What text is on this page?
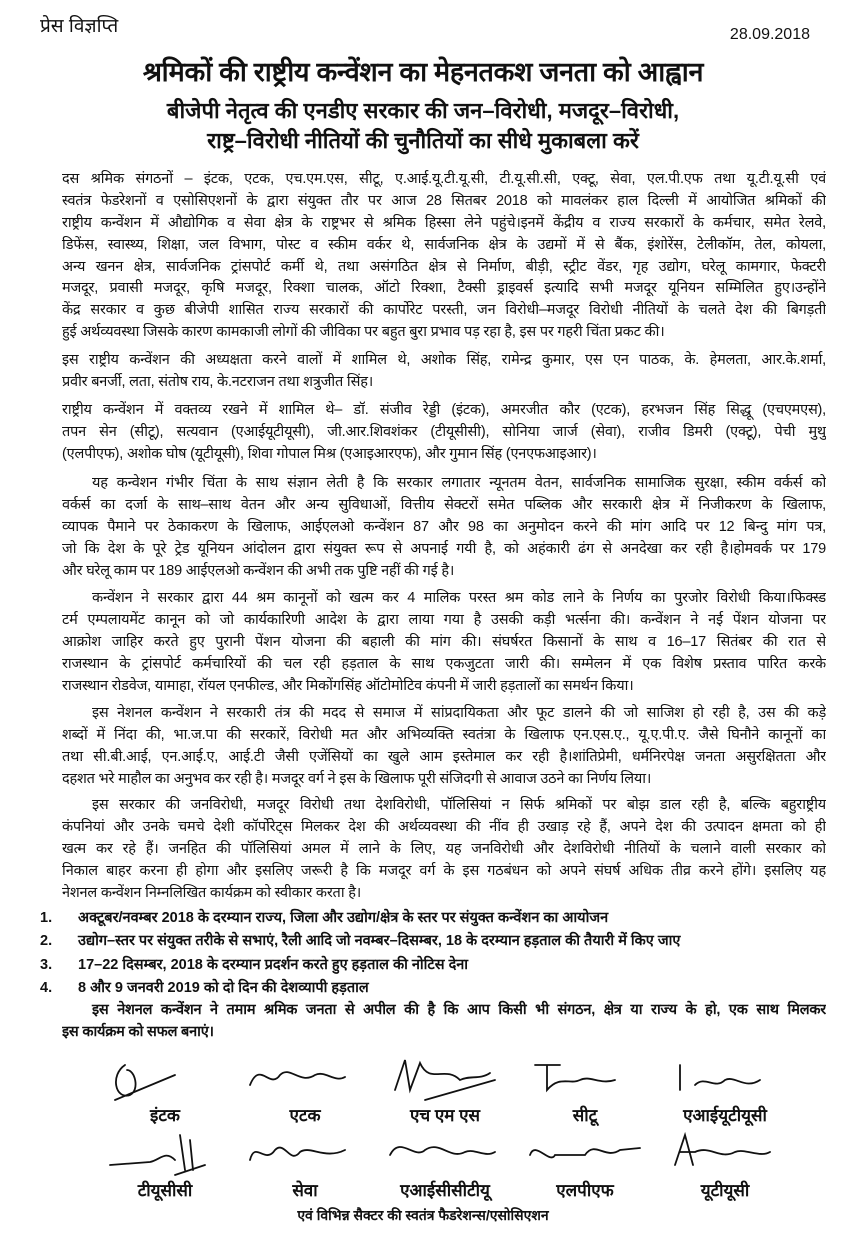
प्रेस विज्ञप्ति	28.09.2018
श्रमिकों की राष्ट्रीय कन्वेंशन का मेहनतकश जनता को आह्वान
बीजेपी नेतृत्व की एनडीए सरकार की जन–विरोधी, मजदूर–विरोधी,
राष्ट्र–विरोधी नीतियों की चुनौतियों का सीधे मुकाबला करें
दस श्रमिक संगठनों – इंटक, एटक, एच.एम.एस, सीटू, ए.आई.यू.टी.यू.सी, टी.यू.सी.सी, एक्टू, सेवा, एल.पी.एफ तथा यू.टी.यू.सी एवं
स्वतंत्र फेडरेशनों व एसोसिएशनों के द्वारा संयुक्त तौर पर आज 28 सितबर 2018 को मावलंकर हाल दिल्ली में आयोजित श्रमिकों की
राष्ट्रीय कन्वेंशन में औद्योगिक व सेवा क्षेत्र के राष्ट्रभर से श्रमिक हिस्सा लेने पहुंचे।इनमें केंद्रीय व राज्य सरकारों के कर्मचार, समेत रेलवे,
डिफेंस, स्वास्थ्य, शिक्षा, जल विभाग, पोस्ट व स्कीम वर्कर थे, सार्वजनिक क्षेत्र के उद्यमों में से बैंक, इंशोरेंस, टेलीकॉम, तेल, कोयला,
अन्य खनन क्षेत्र, सार्वजनिक ट्रांसपोर्ट कर्मी थे, तथा असंगठित क्षेत्र से निर्माण, बीड़ी, स्ट्रीट वेंडर, गृह उद्योग, घरेलू कामगार, फेक्टरी
मजदूर, प्रवासी मजदूर, कृषि मजदूर, रिक्शा चालक, ऑटो रिक्शा, टैक्सी ड्राइवर्स इत्यादि सभी मजदूर यूनियन सम्मिलित हुए।उन्होंने
केंद्र सरकार व कुछ बीजेपी शासित राज्य सरकारों की कार्पोरेट परस्ती, जन विरोधी–मजदूर विरोधी नीतियों के चलते देश की बिगड़ती
हुई अर्थव्यवस्था जिसके कारण कामकाजी लोगों की जीविका पर बहुत बुरा प्रभाव पड़ रहा है, इस पर गहरी चिंता प्रकट की।
इस राष्ट्रीय कन्वेंशन की अध्यक्षता करने वालों में शामिल थे, अशोक सिंह, रामेन्द्र कुमार, एस एन पाठक, के. हेमलता, आर.के.शर्मा,
प्रवीर बनर्जी, लता, संतोष राय, के.नटराजन तथा शत्रुजीत सिंह।
राष्ट्रीय कन्वेंशन में वक्तव्य रखने में शामिल थे– डॉ. संजीव रेड्डी (इंटक), अमरजीत कौर (एटक), हरभजन सिंह सिद्धू (एचएमएस),
तपन सेन (सीटू), सत्यवान (एआईयूटीयूसी), जी.आर.शिवशंकर (टीयूसीसी), सोनिया जार्ज (सेवा), राजीव डिमरी (एक्टू), पेची मुथु
(एलपीएफ), अशोक घोष (यूटीयूसी), शिवा गोपाल मिश्र (एआइआरएफ), और गुमान सिंह (एनएफआइआर)।
यह कन्वेशन गंभीर चिंता के साथ संज्ञान लेती है कि सरकार लगातार न्यूनतम वेतन, सार्वजनिक सामाजिक सुरक्षा, स्कीम वर्कर्स को
वर्कर्स का दर्जा के साथ–साथ वेतन और अन्य सुविधाओं, वित्तीय सेक्टरों समेत पब्लिक और सरकारी क्षेत्र में निजीकरण के खिलाफ,
व्यापक पैमाने पर ठेकाकरण के खिलाफ, आईएलओ कन्वेंशन 87 और 98 का अनुमोदन करने की मांग आदि पर 12 बिन्दु मांग पत्र,
जो कि देश के पूरे ट्रेड यूनियन आंदोलन द्वारा संयुक्त रूप से अपनाई गयी है, को अहंकारी ढंग से अनदेखा कर रही है।होमवर्क पर 179
और घरेलू काम पर 189 आईएलओ कन्वेंशन की अभी तक पुष्टि नहीं की गई है।
कन्वेंशन ने सरकार द्वारा 44 श्रम कानूनों को खत्म कर 4 मालिक परस्त श्रम कोड लाने के निर्णय का पुरजोर विरोधी किया।फिक्स्ड
टर्म एम्पलायमेंट कानून को जो कार्यकारिणी आदेश के द्वारा लाया गया है उसकी कड़ी भर्त्सना की। कन्वेंशन ने नई पेंशन योजना पर
आक्रोश जाहिर करते हुए पुरानी पेंशन योजना की बहाली की मांग की। संघर्षरत किसानों के साथ व 16–17 सितंबर की रात से
राजस्थान के ट्रांसपोर्ट कर्मचारियों की चल रही हड़ताल के साथ एकजुटता जारी की। सम्मेलन में एक विशेष प्रस्ताव पारित करके
राजस्थान रोडवेज, यामाहा, रॉयल एनफील्ड, और मिकोंगसिंह ऑटोमोटिव कंपनी में जारी हड़तालों का समर्थन किया।
इस नेशनल कन्वेंशन ने सरकारी तंत्र की मदद से समाज में सांप्रदायिकता और फूट डालने की जो साजिश हो रही है, उस की कड़े
शब्दों में निंदा की, भा.ज.पा की सरकारें, विरोधी मत और अभिव्यक्ति स्वतंत्रा के खिलाफ एन.एस.ए., यू.ए.पी.ए. जैसे घिनौने कानूनों का
तथा सी.बी.आई, एन.आई.ए, आई.टी जैसी एजेंसियों का खुले आम इस्तेमाल कर रही है।शांतिप्रेमी, धर्मनिरपेक्ष जनता असुरक्षितता और
दहशत भरे माहौल का अनुभव कर रही है। मजदूर वर्ग ने इस के खिलाफ पूरी संजिदगी से आवाज उठने का निर्णय लिया।
इस सरकार की जनविरोधी, मजदूर विरोधी तथा देशविरोधी, पॉलिसियां न सिर्फ श्रमिकों पर बोझ डाल रही है, बल्कि बहुराष्ट्रीय
कंपनियां और उनके चमचे देशी कॉर्पोरेट्स मिलकर देश की अर्थव्यवस्था की नींव ही उखाड़ रहे हैं, अपने देश की उत्पादन क्षमता को ही
खत्म कर रहे हैं। जनहित की पॉलिसियां अमल में लाने के लिए, यह जनविरोधी और देशविरोधी नीतियों के चलाने वाली सरकार को
निकाल बाहर करना ही होगा और इसलिए जरूरी है कि मजदूर वर्ग के इस गठबंधन को अपने संघर्ष अधिक तीव्र करने होंगे। इसलिए यह
नेशनल कन्वेंशन निम्नलिखित कार्यक्रम को स्वीकार करता है।
1.	अक्टूबर/नवम्बर 2018 के दरम्यान राज्य, जिला और उद्योग/क्षेत्र के स्तर पर संयुक्त कन्वेंशन का आयोजन
2.	उद्योग–स्तर पर संयुक्त तरीके से सभाएं, रैली आदि जो नवम्बर–दिसम्बर, 18 के दरम्यान हड़ताल की तैयारी में किए जाए
3.	17–22 दिसम्बर, 2018 के दरम्यान प्रदर्शन करते हुए हड़ताल की नोटिस देना
4.	8 और 9 जनवरी 2019 को दो दिन की देशव्यापी हड़ताल
इस नेशनल कन्वेंशन ने तमाम श्रमिक जनता से अपील की है कि आप किसी भी संगठन, क्षेत्र या राज्य के हो, एक साथ मिलकर
इस कार्यक्रम को सफल बनाएं।
इंटक	एटक	एच एम एस	सीटू	एआईयूटीयूसी
टीयूसीसी	सेवा	एआईसीसीटीयू	एलपीएफ	यूटीयूसी
एवं विभिन्न सैक्टर की स्वतंत्र फैडरेशन्स/एसोसिएशन
